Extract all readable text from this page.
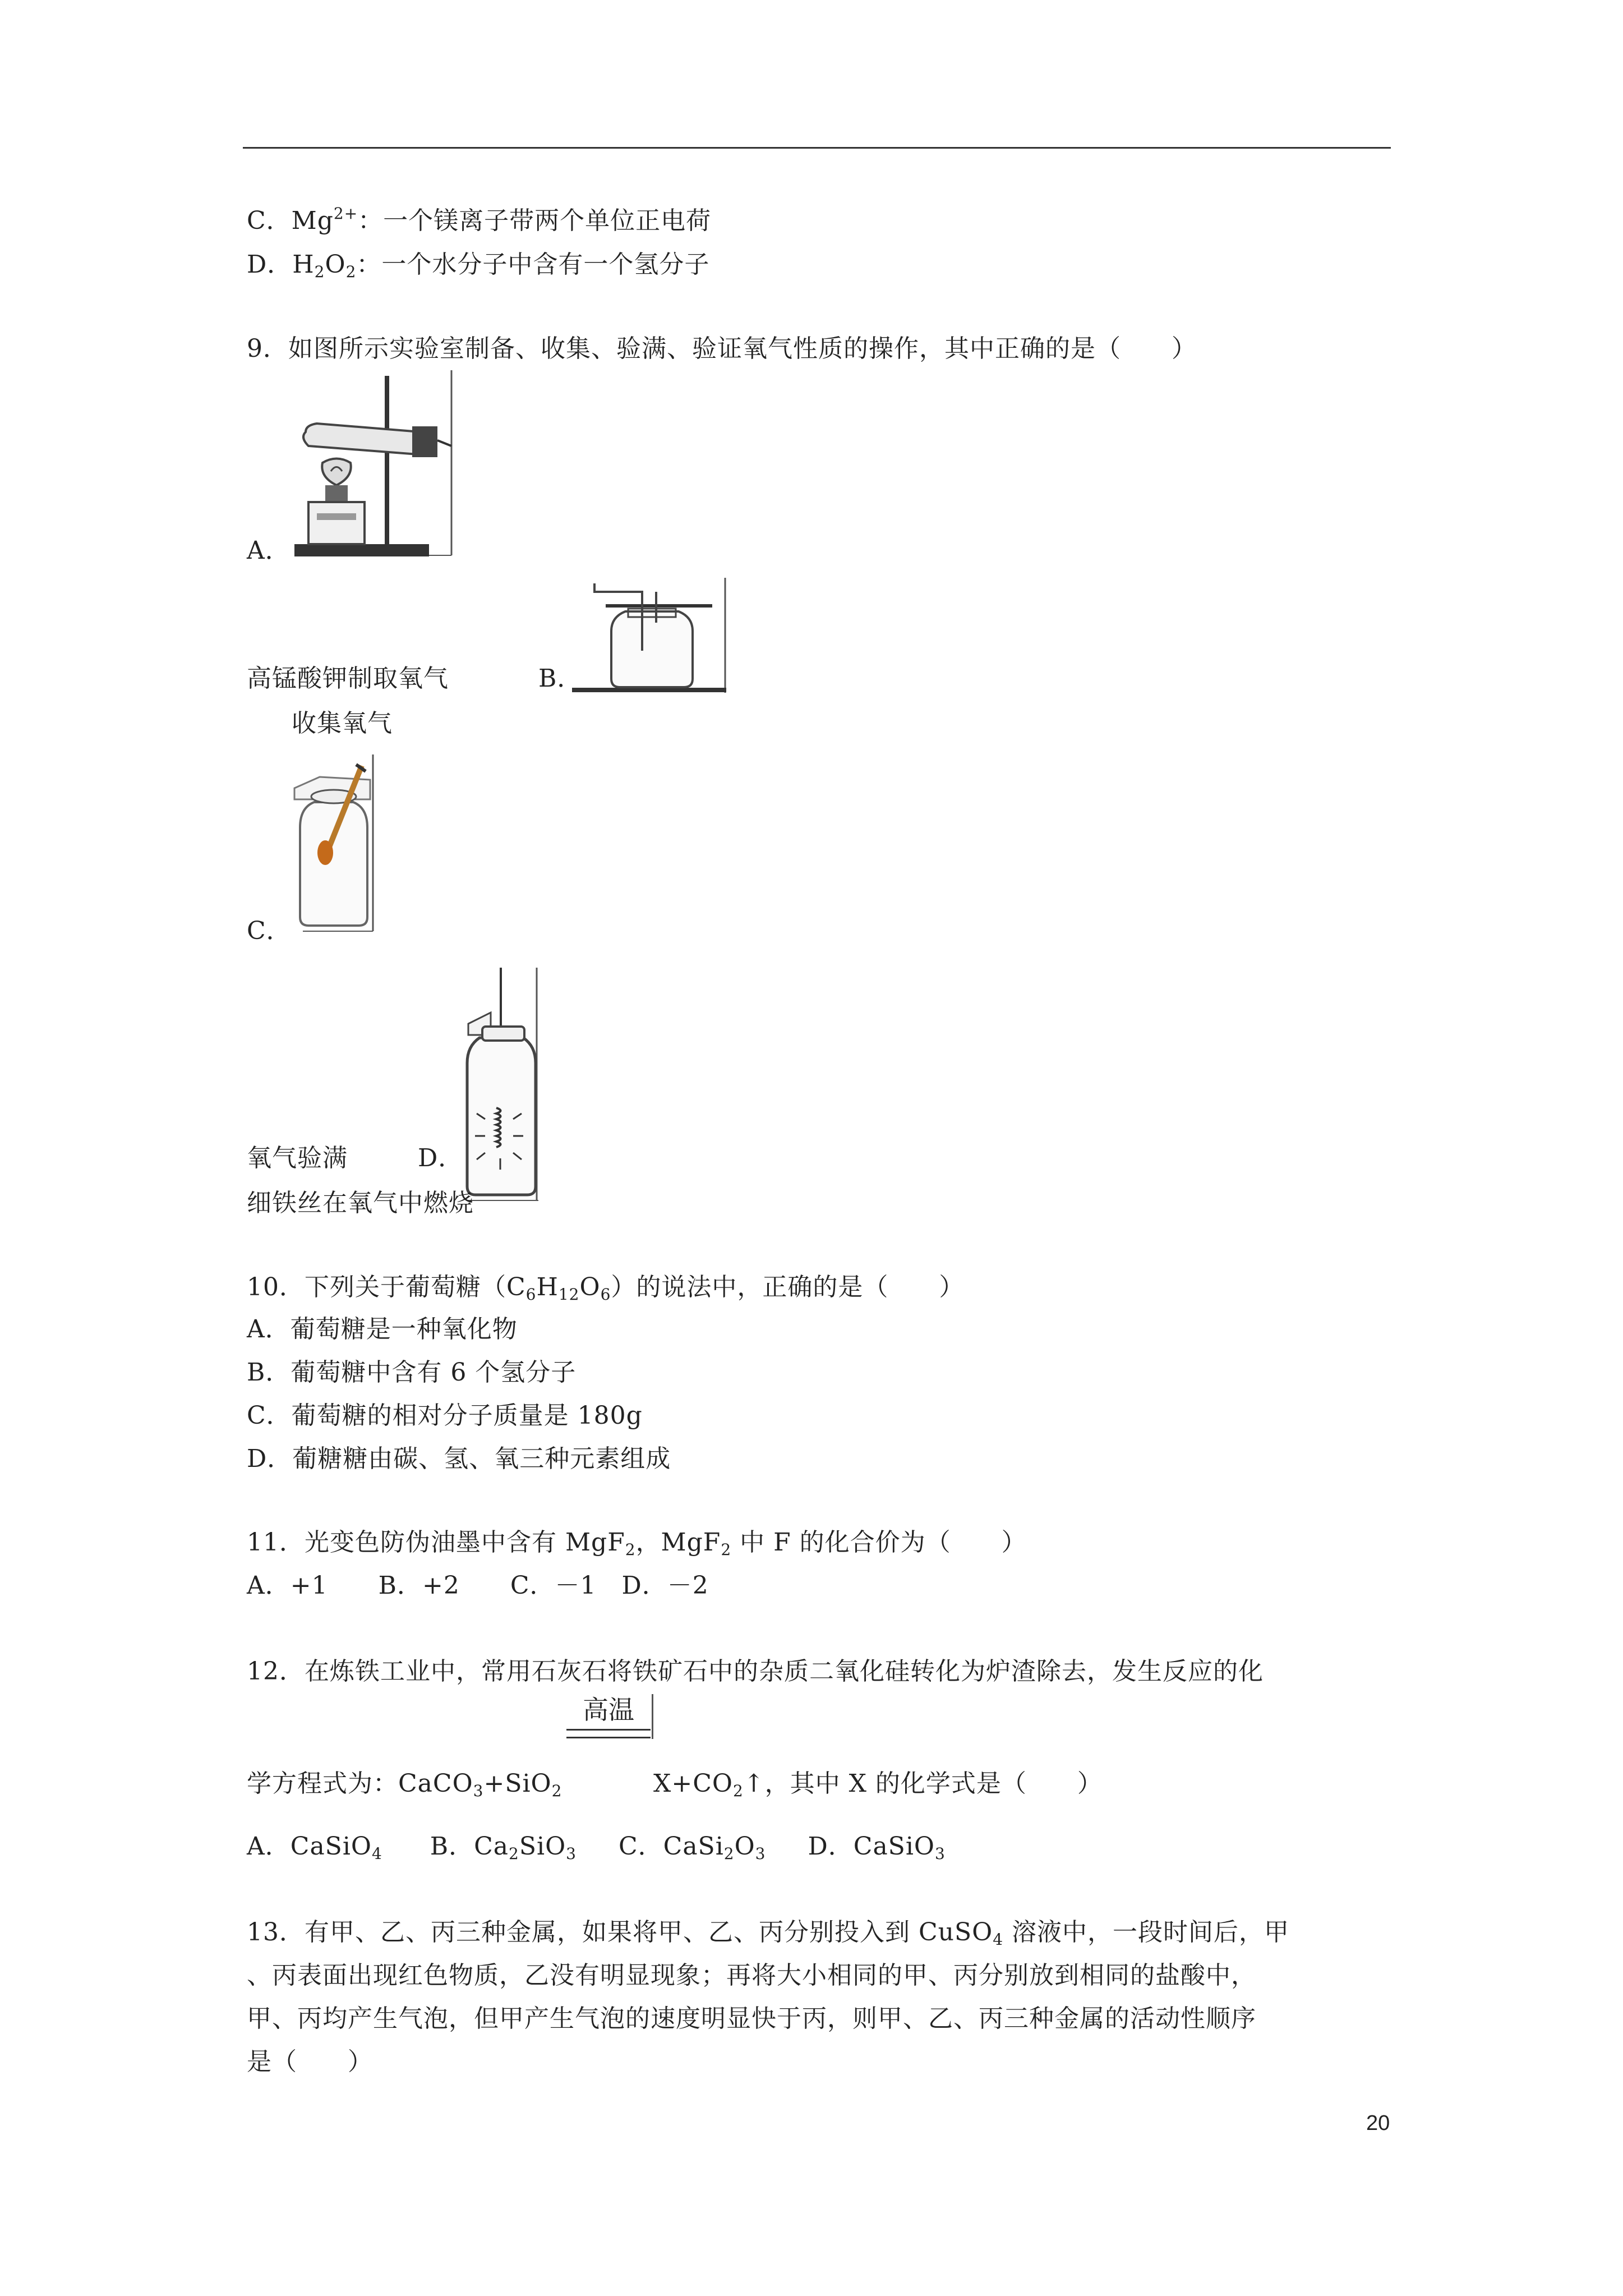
C．$Mg^{2+}$：一个镁离子带两个单位正电荷
D．$H_2O_2$：一个水分子中含有一个氢分子
9．如图所示实验室制备、收集、验满、验证氧气性质的操作，其中正确的是（　　）
A．
高锰酸钾制取氧气	B．
收集氧气
C．
氧气验满	D．
细铁丝在氧气中燃烧
10．下列关于葡萄糖$(C_6H_{12}O_6)$的说法中，正确的是（　　）
A．葡萄糖是一种氧化物
B．葡萄糖中含有 6 个氢分子
C．葡萄糖的相对分子质量是 180g
D．葡糖糖由碳、氢、氧三种元素组成
11．光变色防伪油墨中含有 MgF$_2$，MgF$_2$ 中 F 的化合价为（　　）
A．+1　　B．+2　　C．－1　D．－2
12．在炼铁工业中，常用石灰石将铁矿石中的杂质二氧化硅转化为炉渣除去，发生反应的化
高温
学方程式为：CaCO$_3$+SiO$_2$	$X+CO_2↑$，其中 X 的化学式是（　　）
A．CaSiO$_4$ B．$Ca_2SiO_3$ C．$CaSi_2O_3$ D．CaSiO$_3$
13．有甲、乙、丙三种金属，如果将甲、乙、丙分别投入到 CuSO$_4$ 溶液中，一段时间后，甲
、丙表面出现红色物质，乙没有明显现象；再将大小相同的甲、丙分别放到相同的盐酸中，
甲、丙均产生气泡，但甲产生气泡的速度明显快于丙，则甲、乙、丙三种金属的活动性顺序
是（　　）
20
